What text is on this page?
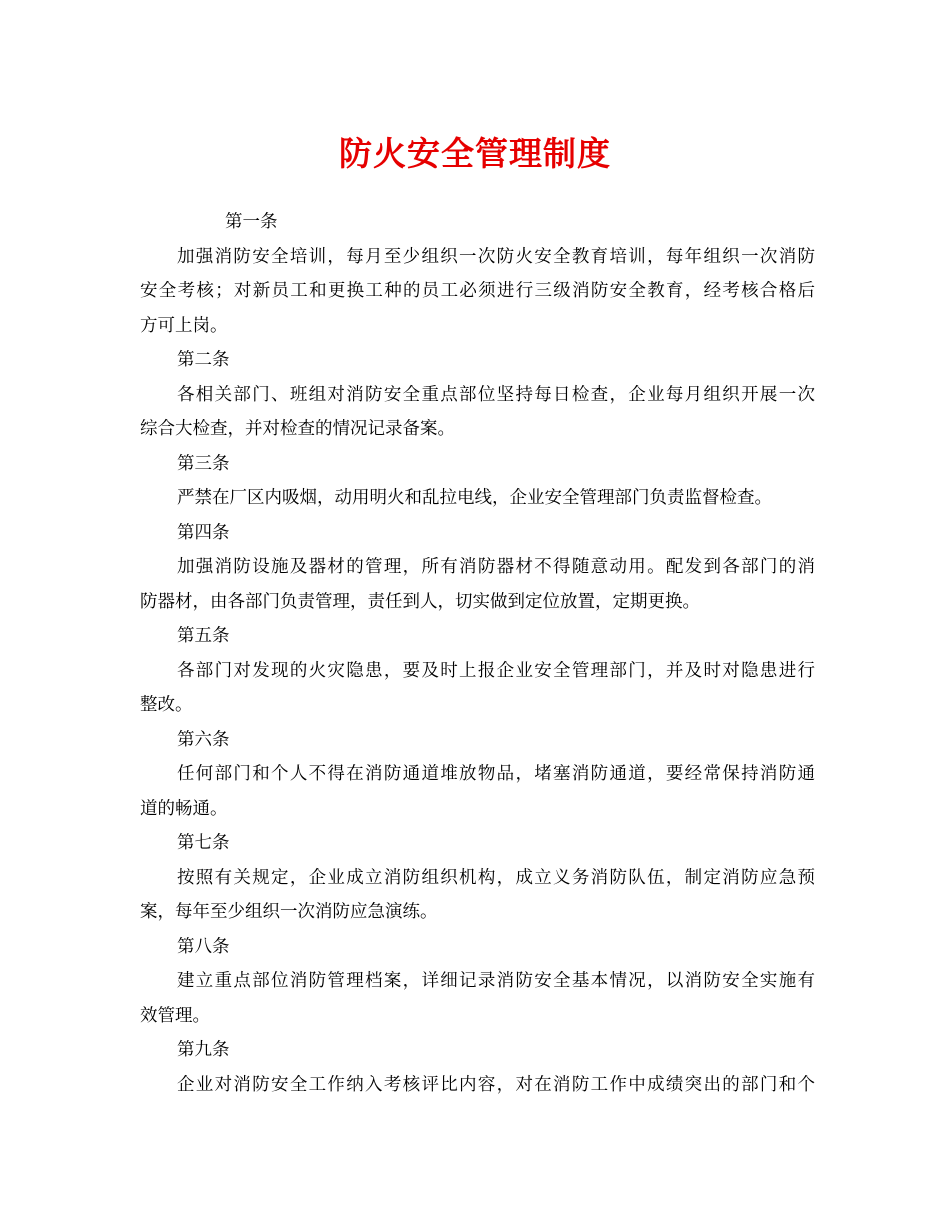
防火安全管理制度
第一条
加强消防安全培训，每月至少组织一次防火安全教育培训，每年组织一次消防
安全考核；对新员工和更换工种的员工必须进行三级消防安全教育，经考核合格后
方可上岗。
第二条
各相关部门、班组对消防安全重点部位坚持每日检查，企业每月组织开展一次
综合大检查，并对检查的情况记录备案。
第三条
严禁在厂区内吸烟，动用明火和乱拉电线，企业安全管理部门负责监督检查。
第四条
加强消防设施及器材的管理，所有消防器材不得随意动用。配发到各部门的消
防器材，由各部门负责管理，责任到人，切实做到定位放置，定期更换。
第五条
各部门对发现的火灾隐患，要及时上报企业安全管理部门，并及时对隐患进行
整改。
第六条
任何部门和个人不得在消防通道堆放物品，堵塞消防通道，要经常保持消防通
道的畅通。
第七条
按照有关规定，企业成立消防组织机构，成立义务消防队伍，制定消防应急预
案，每年至少组织一次消防应急演练。
第八条
建立重点部位消防管理档案，详细记录消防安全基本情况，以消防安全实施有
效管理。
第九条
企业对消防安全工作纳入考核评比内容，对在消防工作中成绩突出的部门和个
